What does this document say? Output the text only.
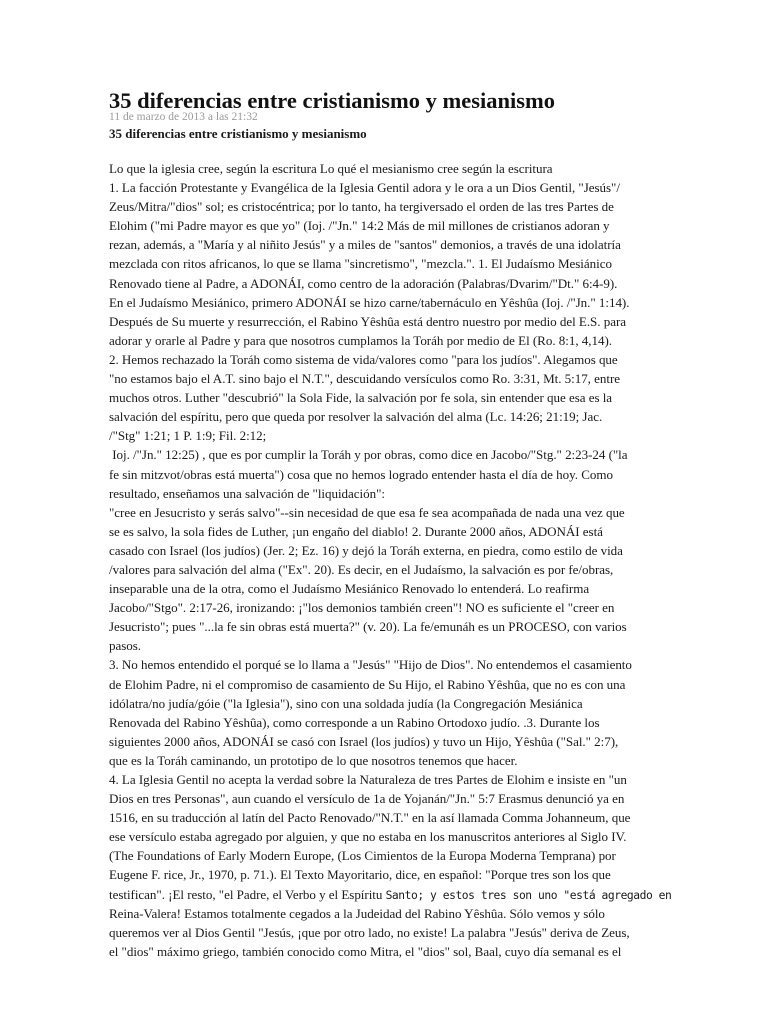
35 diferencias entre cristianismo y mesianismo
11 de marzo de 2013 a las 21:32
35 diferencias entre cristianismo y mesianismo
Lo que la iglesia cree, según la escritura Lo qué el mesianismo cree según la escritura
1. La facción Protestante y Evangélica de la Iglesia Gentil adora y le ora a un Dios Gentil, "Jesús"/
Zeus/Mitra/"dios" sol; es cristocéntrica; por lo tanto, ha tergiversado el orden de las tres Partes de
Elohim ("mi Padre mayor es que yo" (Ioj. /"Jn." 14:2 Más de mil millones de cristianos adoran y
rezan, además, a "María y al niñito Jesús" y a miles de "santos" demonios, a través de una idolatría
mezclada con ritos africanos, lo que se llama "sincretismo", "mezcla.". 1. El Judaísmo Mesiánico
Renovado tiene al Padre, a ADONÁI, como centro de la adoración (Palabras/Dvarim/"Dt." 6:4-9).
En el Judaísmo Mesiánico, primero ADONÁI se hizo carne/tabernáculo en Yêshûa (Ioj. /"Jn." 1:14).
Después de Su muerte y resurrección, el Rabino Yêshûa está dentro nuestro por medio del E.S. para
adorar y orarle al Padre y para que nosotros cumplamos la Toráh por medio de El (Ro. 8:1, 4,14).
2. Hemos rechazado la Toráh como sistema de vida/valores como "para los judíos". Alegamos que
"no estamos bajo el A.T. sino bajo el N.T.", descuidando versículos como Ro. 3:31, Mt. 5:17, entre
muchos otros. Luther "descubrió" la Sola Fide, la salvación por fe sola, sin entender que esa es la
salvación del espíritu, pero que queda por resolver la salvación del alma (Lc. 14:26; 21:19; Jac.
/"Stg" 1:21; 1 P. 1:9; Fil. 2:12;
Ioj. /"Jn." 12:25) , que es por cumplir la Toráh y por obras, como dice en Jacobo/"Stg." 2:23-24 ("la
fe sin mitzvot/obras está muerta") cosa que no hemos logrado entender hasta el día de hoy. Como
resultado, enseñamos una salvación de "liquidación":
"cree en Jesucristo y serás salvo"--sin necesidad de que esa fe sea acompañada de nada una vez que
se es salvo, la sola fides de Luther, ¡un engaño del diablo! 2. Durante 2000 años, ADONÁI está
casado con Israel (los judíos) (Jer. 2; Ez. 16) y dejó la Toráh externa, en piedra, como estilo de vida
/valores para salvación del alma ("Ex". 20). Es decir, en el Judaísmo, la salvación es por fe/obras,
inseparable una de la otra, como el Judaísmo Mesiánico Renovado lo entenderá. Lo reafirma
Jacobo/"Stgo". 2:17-26, ironizando: ¡"los demonios también creen"! NO es suficiente el "creer en
Jesucristo"; pues "...la fe sin obras está muerta?" (v. 20). La fe/emunáh es un PROCESO, con varios
pasos.
3. No hemos entendido el porqué se lo llama a "Jesús" "Hijo de Dios". No entendemos el casamiento
de Elohim Padre, ni el compromiso de casamiento de Su Hijo, el Rabino Yêshûa, que no es con una
idólatra/no judía/góie ("la Iglesia"), sino con una soldada judía (la Congregación Mesiánica
Renovada del Rabino Yêshûa), como corresponde a un Rabino Ortodoxo judío. .3. Durante los
siguientes 2000 años, ADONÁI se casó con Israel (los judíos) y tuvo un Hijo, Yêshûa ("Sal." 2:7),
que es la Toráh caminando, un prototipo de lo que nosotros tenemos que hacer.
4. La Iglesia Gentil no acepta la verdad sobre la Naturaleza de tres Partes de Elohim e insiste en "un
Dios en tres Personas", aun cuando el versículo de 1a de Yojanán/"Jn." 5:7 Erasmus denunció ya en
1516, en su traducción al latín del Pacto Renovado/"N.T." en la así llamada Comma Johanneum, que
ese versículo estaba agregado por alguien, y que no estaba en los manuscritos anteriores al Siglo IV.
(The Foundations of Early Modern Europe, (Los Cimientos de la Europa Moderna Temprana) por
Eugene F. rice, Jr., 1970, p. 71.). El Texto Mayoritario, dice, en español: "Porque tres son los que
testifican". ¡El resto, "el Padre, el Verbo y el Espíritu Santo; y estos tres son uno "está agregado en
Reina-Valera! Estamos totalmente cegados a la Judeidad del Rabino Yêshûa. Sólo vemos y sólo
queremos ver al Dios Gentil "Jesús, ¡que por otro lado, no existe! La palabra "Jesús" deriva de Zeus,
el "dios" máximo griego, también conocido como Mitra, el "dios" sol, Baal, cuyo día semanal es el
